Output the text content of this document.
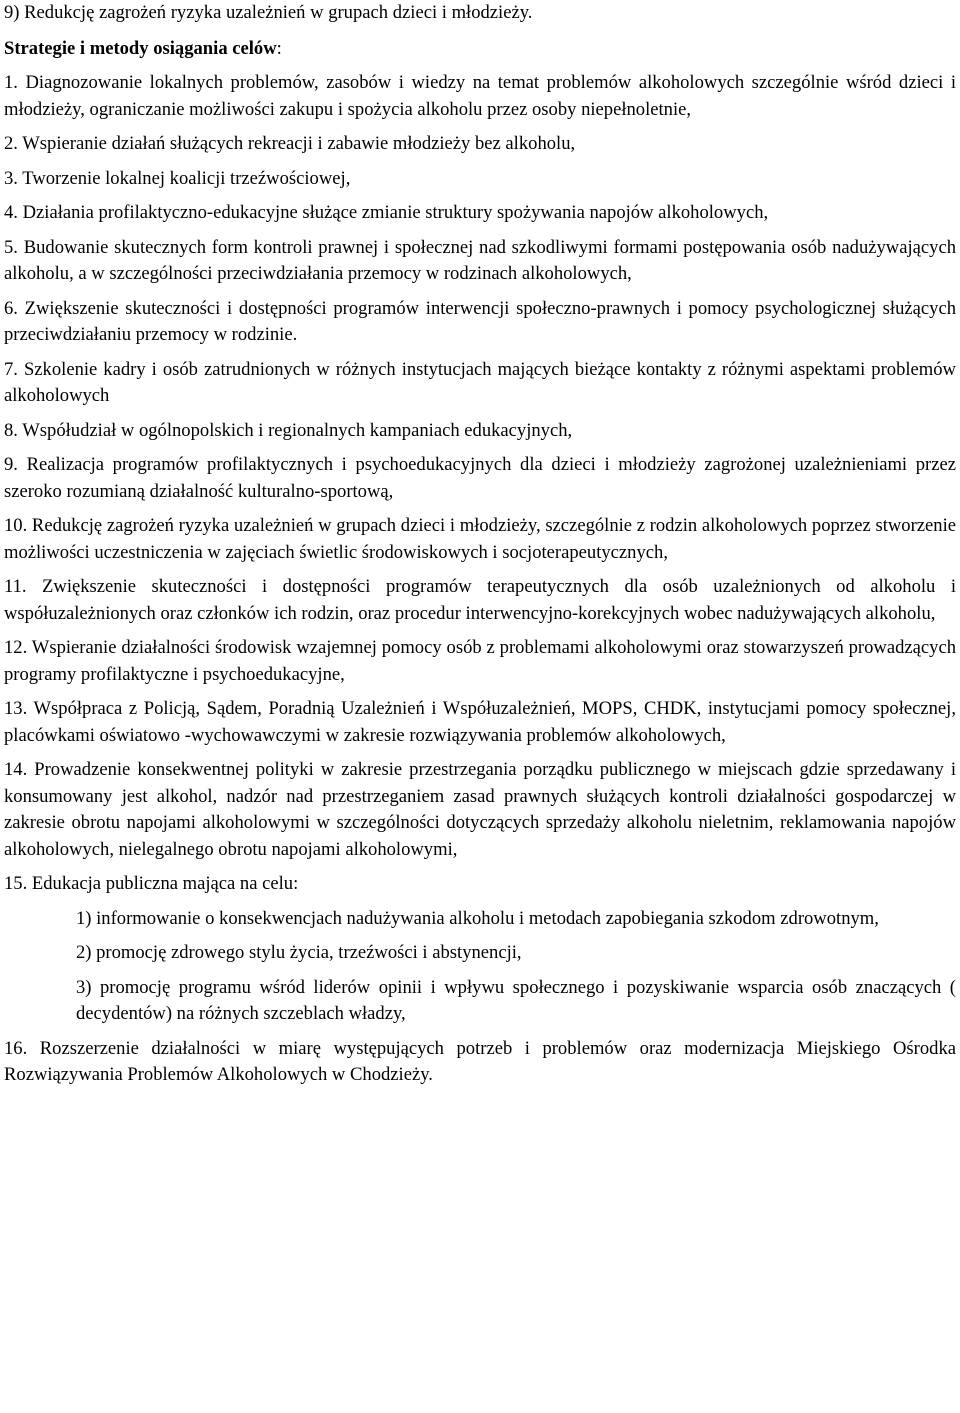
9) Redukcję zagrożeń ryzyka uzależnień w grupach dzieci i młodzieży.

Strategie i metody osiągania celów:

1. Diagnozowanie lokalnych problemów, zasobów i wiedzy na temat problemów alkoholowych szczególnie wśród dzieci i młodzieży, ograniczanie możliwości zakupu i spożycia alkoholu przez osoby niepełnoletnie,

2. Wspieranie działań służących rekreacji i zabawie młodzieży bez alkoholu,

3. Tworzenie lokalnej koalicji trzeźwościowej,

4. Działania profilaktyczno-edukacyjne służące zmianie struktury spożywania napojów alkoholowych,

5. Budowanie skutecznych form kontroli prawnej i społecznej nad szkodliwymi formami postępowania osób nadużywających alkoholu, a w szczególności przeciwdziałania przemocy w rodzinach alkoholowych,

6. Zwiększenie skuteczności i dostępności programów interwencji społeczno-prawnych i pomocy psychologicznej służących przeciwdziałaniu przemocy w rodzinie.

7. Szkolenie kadry i osób zatrudnionych w różnych instytucjach mających bieżące kontakty z różnymi aspektami problemów alkoholowych

8. Współudział w ogólnopolskich i regionalnych kampaniach edukacyjnych,

9. Realizacja programów profilaktycznych i psychoedukacyjnych dla dzieci i młodzieży zagrożonej uzależnieniami przez szeroko rozumianą działalność kulturalno-sportową,

10. Redukcję zagrożeń ryzyka uzależnień w grupach dzieci i młodzieży, szczególnie z rodzin alkoholowych poprzez stworzenie możliwości uczestniczenia w zajęciach świetlic środowiskowych i socjoterapeutycznych,

11. Zwiększenie skuteczności i dostępności programów terapeutycznych dla osób uzależnionych od alkoholu i współuzależnionych oraz członków ich rodzin, oraz procedur interwencyjno-korekcyjnych wobec nadużywających alkoholu,

12. Wspieranie działalności środowisk wzajemnej pomocy osób z problemami alkoholowymi oraz stowarzyszeń prowadzących programy profilaktyczne i psychoedukacyjne,

13. Współpraca z Policją, Sądem, Poradnią Uzależnień i Współuzależnień, MOPS, CHDK, instytucjami pomocy społecznej, placówkami oświatowo -wychowawczymi w zakresie rozwiązywania problemów alkoholowych,

14. Prowadzenie konsekwentnej polityki w zakresie przestrzegania porządku publicznego w miejscach gdzie sprzedawany i konsumowany jest alkohol, nadzór nad przestrzeganiem zasad prawnych służących kontroli działalności gospodarczej w zakresie obrotu napojami alkoholowymi w szczególności dotyczących sprzedaży alkoholu nieletnim, reklamowania napojów alkoholowych, nielegalnego obrotu napojami alkoholowymi,

15. Edukacja publiczna mająca na celu:

1) informowanie o konsekwencjach nadużywania alkoholu i metodach zapobiegania szkodom zdrowotnym,

2) promocję zdrowego stylu życia, trzeźwości i abstynencji,

3) promocję programu wśród liderów opinii i wpływu społecznego i pozyskiwanie wsparcia osób znaczących ( decydentów) na różnych szczeblach władzy,

16. Rozszerzenie działalności w miarę występujących potrzeb i problemów oraz modernizacja Miejskiego Ośrodka Rozwiązywania Problemów Alkoholowych w Chodzieży.
